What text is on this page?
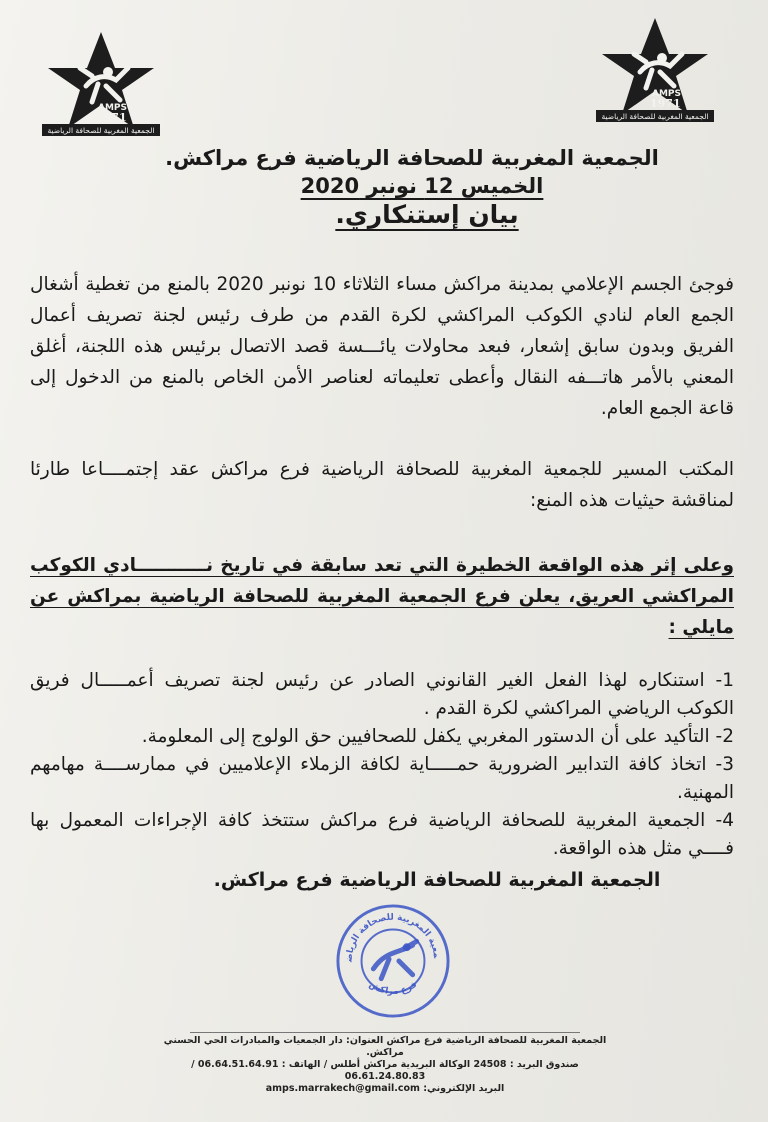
AMPS
1971
الجمعية المغربية للصحافة الرياضية
AMPS
1971
الجمعية المغربية للصحافة الرياضية
الجمعية المغربية للصحافة الرياضية فرع مراكش.
الخميس 12 نونبر 2020
بيان إستنكاري.

فوجئ الجسم الإعلامي بمدينة مراكش مساء الثلاثاء 10 نونبر 2020 بالمنع من تغطية أشغال الجمع العام لنادي الكوكب المراكشي لكرة القدم من طرف رئيس لجنة تصريف أعمال الفريق وبدون سابق إشعار، فبعد محاولات يائـــسة قصد الاتصال برئيس هذه اللجنة، أغلق المعني بالأمر هاتـــفه النقال وأعطى تعليماته لعناصر الأمن الخاص بالمنع من الدخول إلى قاعة الجمع العام.

المكتب المسير للجمعية المغربية للصحافة الرياضية فرع مراكش عقد إجتمــــاعا طارئا لمناقشة حيثيات هذه المنع:

وعلى إثر هذه الواقعة الخطيرة التي تعد سابقة في تاريخ نـــــــــــادي الكوكب المراكشي العريق، يعلن فرع الجمعية المغربية للصحافة الرياضية بمراكش عن مايلي :

1- استنكاره لهذا الفعل الغير القانوني الصادر عن رئيس لجنة تصريف أعمـــــال فريق الكوكب الرياضي المراكشي لكرة القدم .
2- التأكيد على أن الدستور المغربي يكفل للصحافيين حق الولوج إلى المعلومة.
3- اتخاذ كافة التدابير الضرورية حمـــــاية لكافة الزملاء الإعلاميين في ممارســــة مهامهم المهنية.
4- الجمعية المغربية للصحافة الرياضية فرع مراكش ستتخذ كافة الإجراءات المعمول بها فــــي مثل هذه الواقعة.
الجمعية المغربية للصحافة الرياضية فرع مراكش.
معية المغربية للصحافة الرياض
فرع مراكش
الجمعية المغربية للصحافة الرياضية فرع مراكش العنوان: دار الجمعيات والمبادرات الحي الحسني مراكش.
صندوق البريد : 24508 الوكالة البريدية مراكش أطلس / الهاتف : 06.64.51.64.91 / 06.61.24.80.83
البريد الإلكتروني: amps.marrakech@gmail.com
